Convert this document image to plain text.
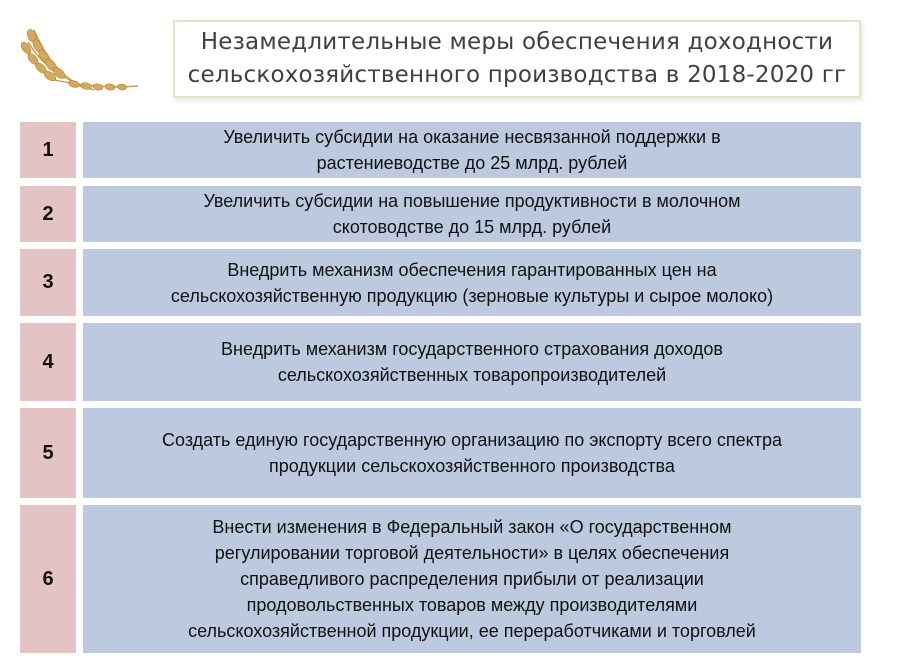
Незамедлительные меры обеспечения доходности
сельскохозяйственного производства в 2018-2020 гг
1
Увеличить субсидии на оказание несвязанной поддержки в
растениеводстве до 25 млрд. рублей
2
Увеличить субсидии на повышение продуктивности в молочном
скотоводстве до 15 млрд. рублей
3
Внедрить механизм обеспечения гарантированных цен на
сельскохозяйственную продукцию (зерновые культуры и сырое молоко)
4
Внедрить механизм государственного страхования доходов
сельскохозяйственных товаропроизводителей
5
Создать единую государственную организацию по экспорту всего спектра
продукции сельскохозяйственного производства
6
Внести изменения в Федеральный закон «О государственном
регулировании торговой деятельности» в целях обеспечения
справедливого распределения прибыли от реализации
продовольственных товаров между производителями
сельскохозяйственной продукции, ее переработчиками и торговлей
